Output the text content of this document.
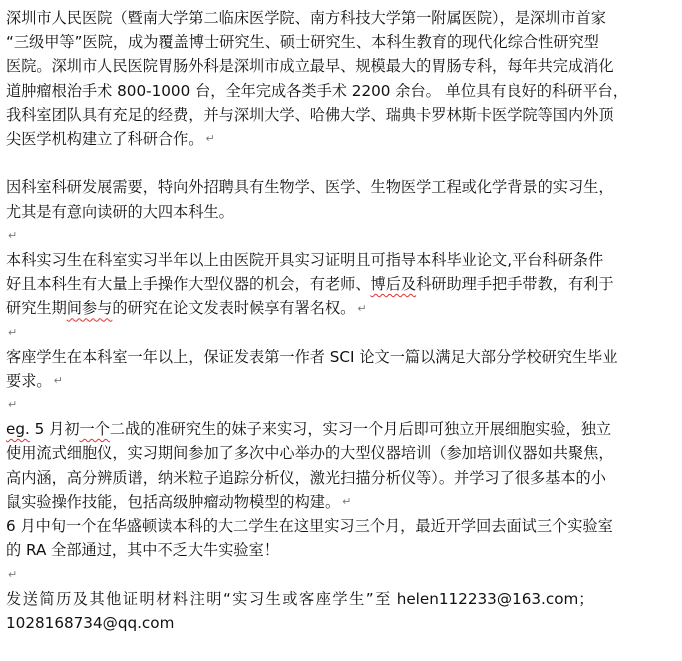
深圳市人民医院（暨南大学第二临床医学院、南方科技大学第一附属医院），是深圳市首家
“三级甲等”医院，成为覆盖博士研究生、硕士研究生、本科生教育的现代化综合性研究型
医院。深圳市人民医院胃肠外科是深圳市成立最早、规模最大的胃肠专科，每年共完成消化
道肿瘤根治手术 800-1000 台，全年完成各类手术 2200 余台。 单位具有良好的科研平台，
我科室团队具有充足的经费，并与深圳大学、哈佛大学、瑞典卡罗林斯卡医学院等国内外顶
尖医学机构建立了科研合作。 ↵
因科室科研发展需要，特向外招聘具有生物学、医学、生物医学工程或化学背景的实习生，
尤其是有意向读研的大四本科生。
↵
本科实习生在科室实习半年以上由医院开具实习证明且可指导本科毕业论文,平台科研条件
好且本科生有大量上手操作大型仪器的机会，有老师、博后及科研助理手把手带教，有利于
研究生期间参与的研究在论文发表时候享有署名权。 ↵
↵
客座学生在本科室一年以上，保证发表第一作者 SCI 论文一篇以满足大部分学校研究生毕业
要求。 ↵
↵
eg. 5 月初一个二战的准研究生的妹子来实习，实习一个月后即可独立开展细胞实验，独立
使用流式细胞仪，实习期间参加了多次中心举办的大型仪器培训（参加培训仪器如共聚焦，
高内涵，高分辨质谱，纳米粒子追踪分析仪，激光扫描分析仪等）。并学习了很多基本的小
鼠实验操作技能，包括高级肿瘤动物模型的构建。 ↵
6 月中旬一个在华盛顿读本科的大二学生在这里实习三个月，最近开学回去面试三个实验室
的 RA 全部通过，其中不乏大牛实验室！
↵
发送简历及其他证明材料注明“实习生或客座学生”至 helen112233@163.com；
1028168734@qq.com
